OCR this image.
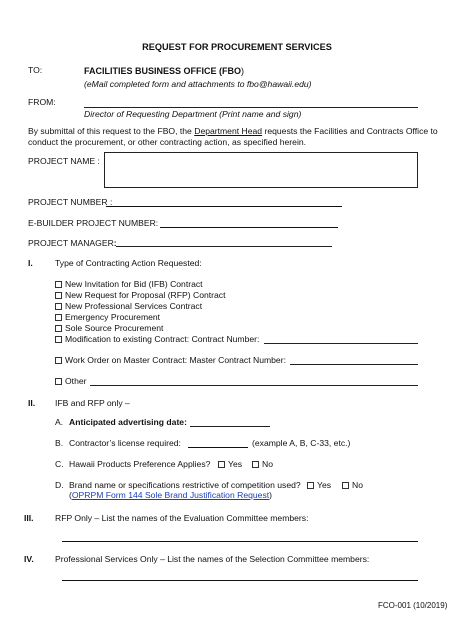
REQUEST FOR PROCUREMENT SERVICES
TO:	FACILITIES BUSINESS OFFICE (FBO)
(eMail completed form and attachments to fbo@hawaii.edu)
FROM:
Director of Requesting Department (Print name and sign)
By submittal of this request to the FBO, the Department Head requests the Facilities and Contracts Office to
conduct the procurement, or other contracting action, as specified herein.
PROJECT NAME :
PROJECT NUMBER :
E-BUILDER PROJECT NUMBER:
PROJECT MANAGER:
I.	Type of Contracting Action Requested:
New Invitation for Bid (IFB) Contract
New Request for Proposal (RFP) Contract
New Professional Services Contract
Emergency Procurement
Sole Source Procurement
Modification to existing Contract: Contract Number:
Work Order on Master Contract: Master Contract Number:
Other
II. IFB and RFP only –
A. Anticipated advertising date:
B. Contractor’s license required:	(example A, B, C-33, etc.)
C. Hawaii Products Preference Applies?	Yes	No
D. Brand name or specifications restrictive of competition used?	Yes	No
(OPRPM Form 144 Sole Brand Justification Request)
III. RFP Only – List the names of the Evaluation Committee members:
IV. Professional Services Only – List the names of the Selection Committee members:
FCO-001 (10/2019)
